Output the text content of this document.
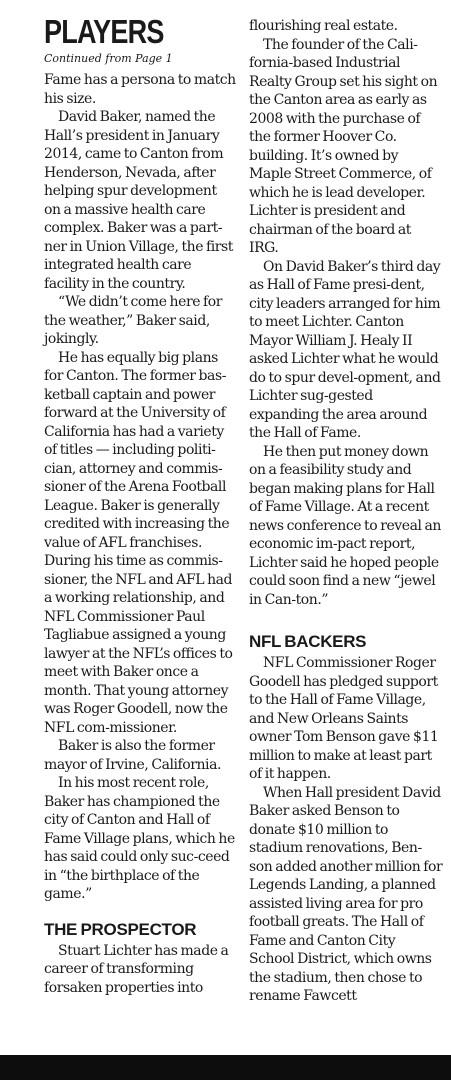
PLAYERS
Continued from Page 1

Fame has a persona to match his size.

David Baker, named the Hall’s president in January 2014, came to Canton from Henderson, Nevada, after helping spur development on a massive health care complex. Baker was a part-ner in Union Village, the first integrated health care facility in the country.

“We didn’t come here for the weather,” Baker said, jokingly.

He has equally big plans for Canton. The former bas-ketball captain and power forward at the University of California has had a variety of titles — including politi-cian, attorney and commis-sioner of the Arena Football League. Baker is generally credited with increasing the value of AFL franchises. During his time as commis-sioner, the NFL and AFL had a working relationship, and NFL Commissioner Paul Tagliabue assigned a young lawyer at the NFL’s offices to meet with Baker once a month. That young attorney was Roger Goodell, now the NFL com-missioner.

Baker is also the former mayor of Irvine, California.

In his most recent role, Baker has championed the city of Canton and Hall of Fame Village plans, which he has said could only suc-ceed in “the birthplace of the game.”

THE PROSPECTOR

Stuart Lichter has made a career of transforming forsaken properties into

flourishing real estate.

The founder of the Cali-fornia-based Industrial Realty Group set his sight on the Canton area as early as 2008 with the purchase of the former Hoover Co. building. It’s owned by Maple Street Commerce, of which he is lead developer. Lichter is president and chairman of the board at IRG.

On David Baker’s third day as Hall of Fame presi-dent, city leaders arranged for him to meet Lichter. Canton Mayor William J. Healy II asked Lichter what he would do to spur devel-opment, and Lichter sug-gested expanding the area around the Hall of Fame.

He then put money down on a feasibility study and began making plans for Hall of Fame Village. At a recent news conference to reveal an economic im-pact report, Lichter said he hoped people could soon find a new “jewel in Can-ton.”

NFL BACKERS

NFL Commissioner Roger Goodell has pledged support to the Hall of Fame Village, and New Orleans Saints owner Tom Benson gave $11 million to make at least part of it happen.

When Hall president David Baker asked Benson to donate $10 million to stadium renovations, Ben-son added another million for Legends Landing, a planned assisted living area for pro football greats. The Hall of Fame and Canton City School District, which owns the stadium, then chose to rename Fawcett
